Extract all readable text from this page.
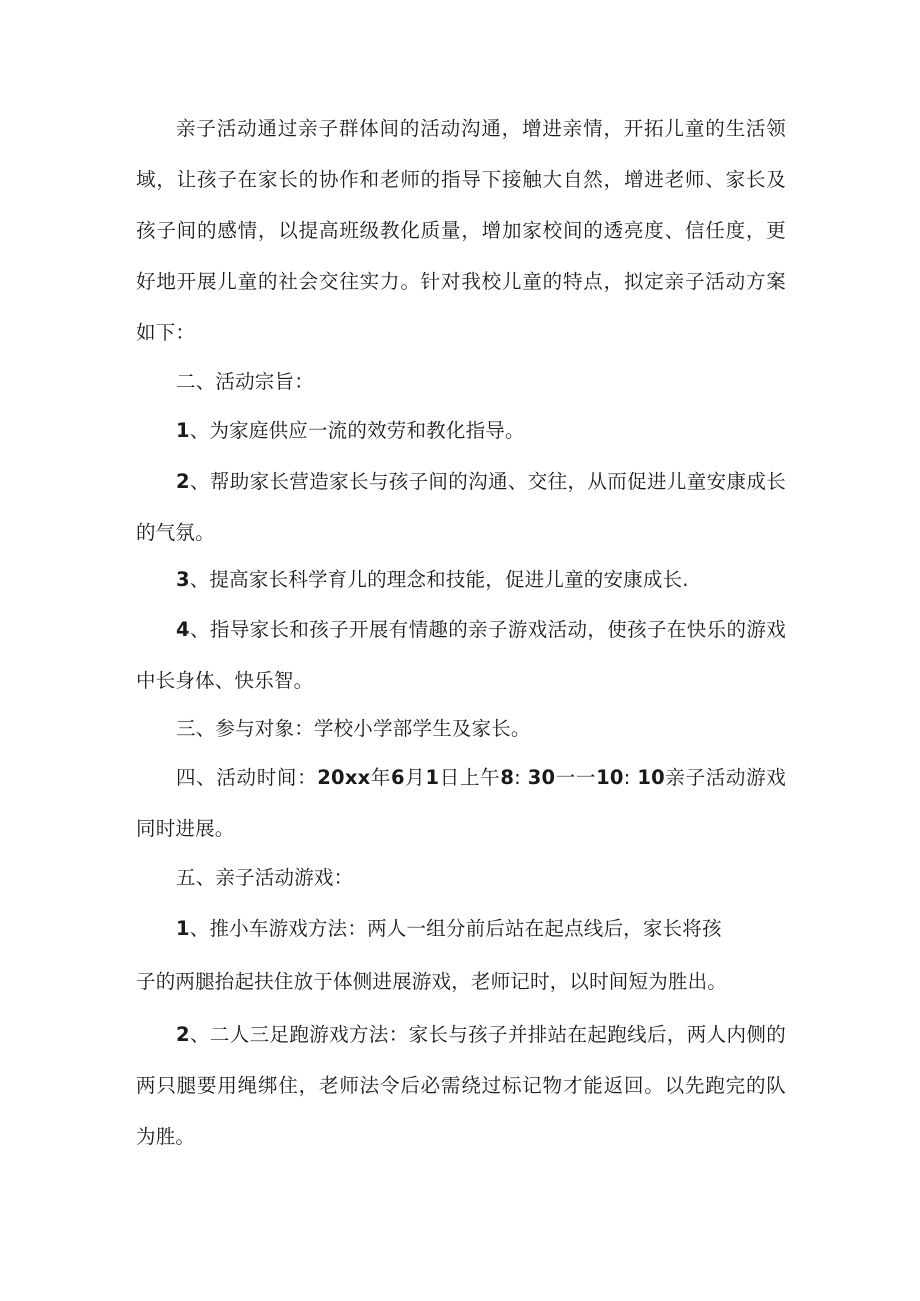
亲子活动通过亲子群体间的活动沟通，增进亲情，开拓儿童的生活领域，让孩子在家长的协作和老师的指导下接触大自然，增进老师、家长及孩子间的感情，以提高班级教化质量，增加家校间的透亮度、信任度，更好地开展儿童的社会交往实力。针对我校儿童的特点，拟定亲子活动方案如下：

二、活动宗旨：

1、为家庭供应一流的效劳和教化指导。

2、帮助家长营造家长与孩子间的沟通、交往，从而促进儿童安康成长的气氛。

3、提高家长科学育儿的理念和技能，促进儿童的安康成长.

4、指导家长和孩子开展有情趣的亲子游戏活动，使孩子在快乐的游戏中长身体、快乐智。

三、参与对象：学校小学部学生及家长。

四、活动时间：20xx年6月1日上午8: 30一一10: 10亲子活动游戏同时进展。

五、亲子活动游戏：

1、推小车游戏方法：两人一组分前后站在起点线后，家长将孩
子的两腿抬起扶住放于体侧进展游戏，老师记时，以时间短为胜出。

2、二人三足跑游戏方法：家长与孩子并排站在起跑线后，两人内侧的两只腿要用绳绑住，老师法令后必需绕过标记物才能返回。以先跑完的队为胜。
